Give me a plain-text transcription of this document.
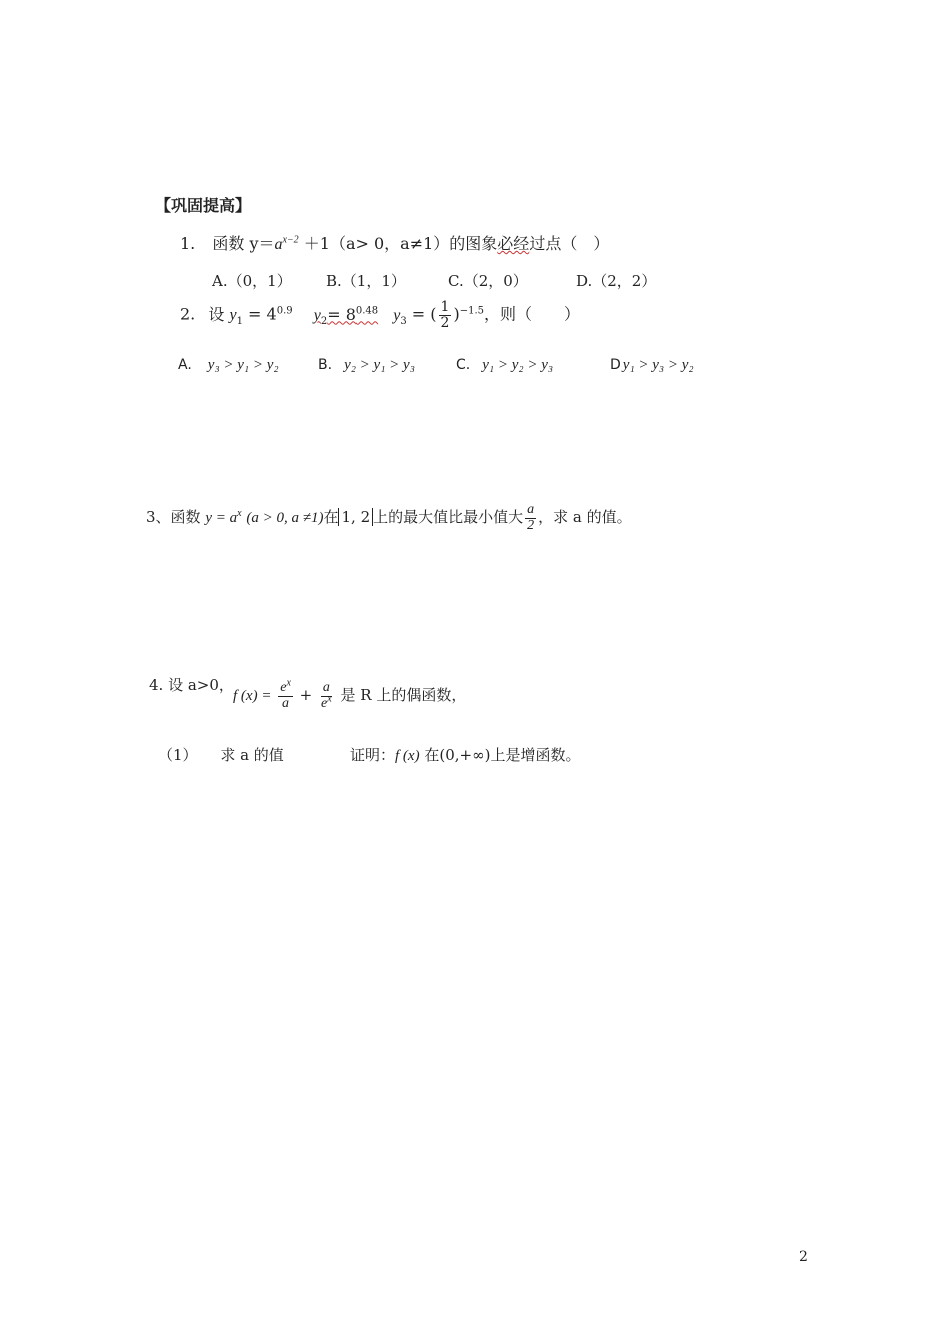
【巩固提高】
1. 函数 $y=a^{x-2} +1(a> 0$，a≠1）的图象必经过点（　）
A.（0，1） B.（1，1）	C.（2，0）	D.（2，2）
2. 设 $y_1 = 4^{0.9}$ $y_2= 8^{0.48}$ $y_3$ = ( $\frac{1}{2} )^{-1.5}$，则（　　）
A. y₃ > y₁ > y₂	B. y₂ > y₁ > y₃	C. y₁ > y₂ > y₃	D y₁ > y₃ > y₂
3、函数 $y = a^x$ (a > 0, a ≠1)在 1, 2 上的最大值比最小值大 $\frac{a}{2}$ ，求 a 的值。
4. 设 a>0，
f $(x) = \frac{e^x}{a} + \frac{a}{e^x}$ 是 R 上的偶函数，
（1） 求 a 的值	证明：f (x) 在(0,+∞)上是增函数。
2
